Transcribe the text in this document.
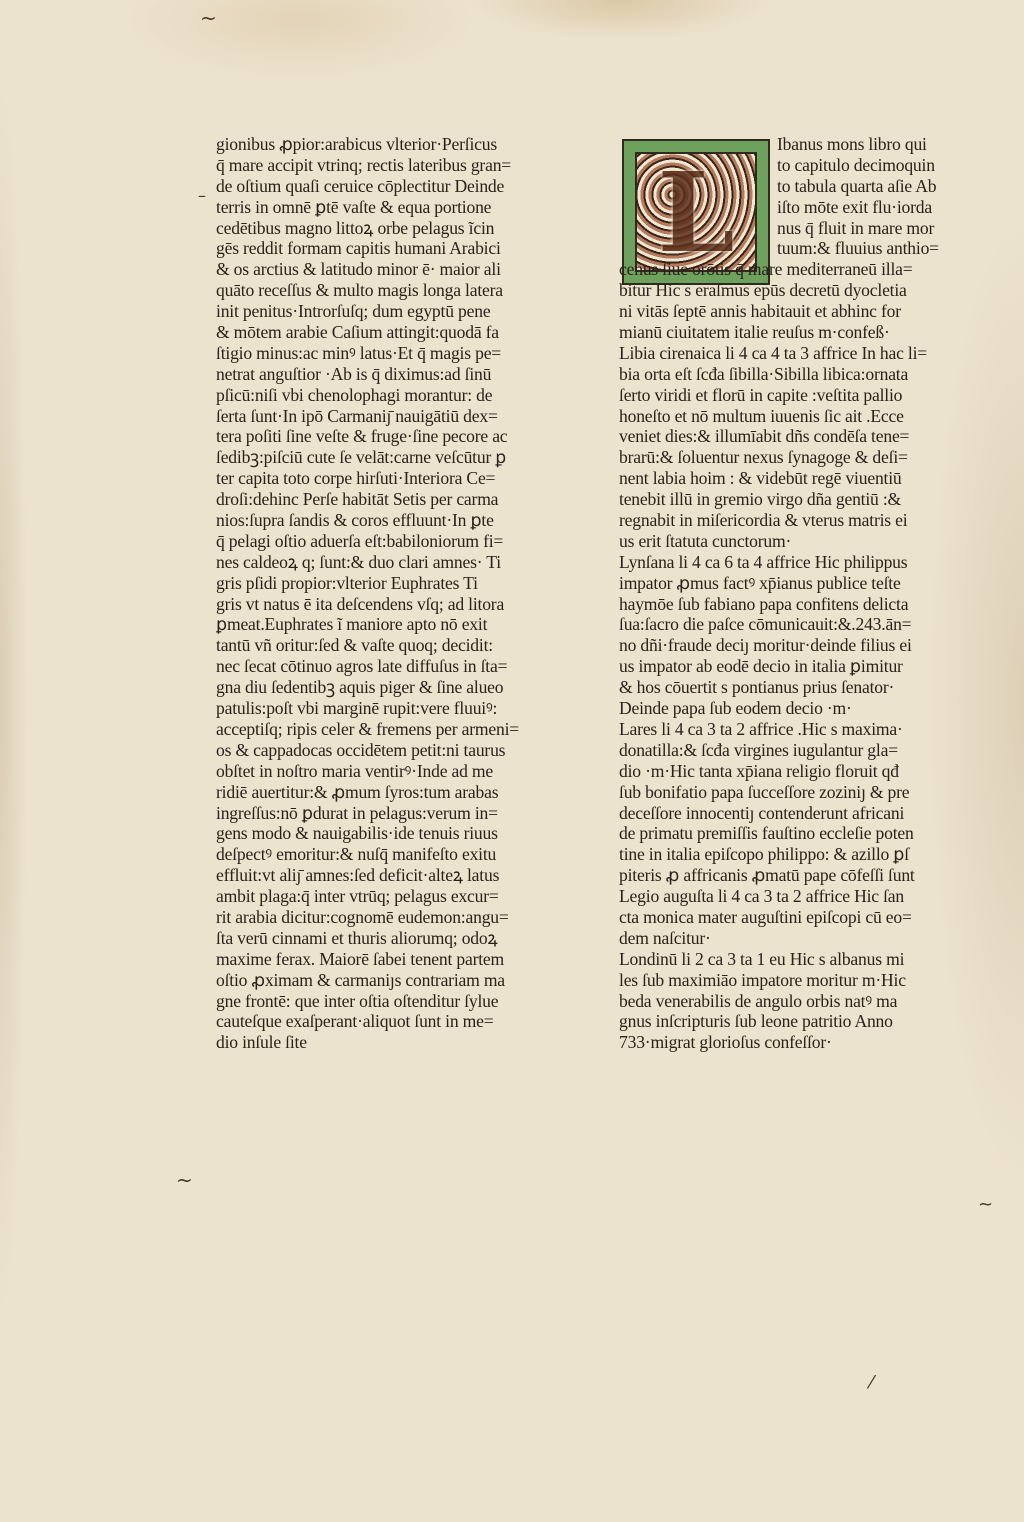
gionibus ꝓpior:arabicus vlterior·Perſicus
q̄ mare accipit vtrinq; rectis lateribus gran=
de oſtium quaſi ceruice cōplectitur Deinde
terris in omnē ꝑtē vaſte & equa portione
cedētibus magno littoꝝ orbe pelagus ĩcin
gēs reddit formam capitis humani Arabici
& os arctius & latitudo minor ē· maior ali
quāto receſſus & multo magis longa latera
init penitus·Introrſuſq; dum egyptū pene
& mōtem arabie Caſium attingit:quodā fa
ſtigio minus:ac minꝰ latus·Et q̄ magis pe=
netrat anguſtior ·Ab is q̄ diximus:ad ſinū
pſicū:niſi vbi chenolophagi morantur: de
ſerta ſunt·In ipō Carmaniȷ̄ nauigātiū dex=
tera poſiti ſine veſte & fruge·ſine pecore ac
ſedibꝫ:piſciū cute ſe velāt:carne veſcūtur ꝑ
ter capita toto corpe hirſuti·Interiora Ce=
droſi:dehinc Perſe habitāt Setis per carma
nios:ſupra ſandis & coros effluunt·In ꝑte
q̄ pelagi oſtio aduerſa eſt:babiloniorum fi=
nes caldeoꝝ q; ſunt:& duo clari amnes· Ti
gris pſidi propior:vlterior Euphrates Ti
gris vt natus ē ita deſcendens vſq; ad litora
ꝑmeat.Euphrates ĩ maniore apto nō exit
tantū vñ oritur:ſed & vaſte quoq; decidit:
nec ſecat cōtinuo agros late diffuſus in ſta=
gna diu ſedentibꝫ aquis piger & ſine alueo
patulis:poſt vbi marginē rupit:vere fluuiꝰ:
acceptiſq; ripis celer & fremens per armeni=
os & cappadocas occidētem petit:ni taurus
obſtet in noſtro maria ventirꝰ·Inde ad me
ridiē auertitur:& ꝓmum ſyros:tum arabas
ingreſſus:nō ꝑdurat in pelagus:verum in=
gens modo & nauigabilis·ide tenuis riuus
deſpectꝰ emoritur:& nuſq̄ manifeſto exitu
effluit:vt aliȷ̄ amnes:ſed deficit·alteꝝ latus
ambit plaga:q̄ inter vtrūq; pelagus excur=
rit arabia dicitur:cognomē eudemon:angu=
ſta verū cinnami et thuris aliorumq; odoꝝ
maxime ferax. Maiorē ſabei tenent partem
oſtio ꝓximam & carmaniȷs contrariam ma
gne frontē: que inter oſtia oſtenditur ſylue
cauteſque exaſperant·aliquot ſunt in me=
dio inſule ſite
L
Ibanus mons libro qui
to capitulo decimoquin
to tabula quarta aſie Ab
iſto mōte exit flu·iorda
nus q̄ fluit in mare mor
tuum:& fluuius anthio=
cenus ſiue orōtis q̄ mare mediterraneū illa=
bitur Hic s eraſmus epūs decretū dyocletia
ni vitās ſeptē annis habitauit et abhinc for
mianū ciuitatem italie reuſus m·confeß·
Libia cirenaica li 4 ca 4 ta 3 affrice In hac li=
bia orta eſt ſcđa ſibilla·Sibilla libica:ornata
ſerto viridi et florū in capite :veſtita pallio
honeſto et nō multum iuuenis ſic ait .Ecce
veniet dies:& illumīabit dñs condēſa tene=
brarū:& ſoluentur nexus ſynagoge & deſi=
nent labia hoim : & videbūt regē viuentiū
tenebit illū in gremio virgo dña gentiū :&
regnabit in miſericordia & vterus matris ei
us erit ſtatuta cunctorum·
Lynſana li 4 ca 6 ta 4 affrice Hic philippus
impator ꝓmus factꝰ xp̄ianus publice teſte
haymōe ſub fabiano papa confitens delicta
ſua:ſacro die paſce cōmunicauit:&.243.ān=
no dñi·fraude deciȷ moritur·deinde filius ei
us impator ab eodē decio in italia ꝑimitur
& hos cōuertit s pontianus prius ſenator·
Deinde papa ſub eodem decio ·m·
Lares li 4 ca 3 ta 2 affrice .Hic s maxima·
donatilla:& ſcđa virgines iugulantur gla=
dio ·m·Hic tanta xp̄iana religio floruit qđ
ſub bonifatio papa ſucceſſore zoziniȷ & pre
deceſſore innocentiȷ contenderunt africani
de primatu premiſſis fauſtino eccleſie poten
tine in italia epiſcopo philippo: & azillo ꝑſ
piteris ꝓ affricanis ꝓmatū pape cōfeſſi ſunt
Legio auguſta li 4 ca 3 ta 2 affrice Hic ſan
cta monica mater auguſtini epiſcopi cū eo=
dem naſcitur·
Londinū li 2 ca 3 ta 1 eu Hic s albanus mi
les ſub maximiāo impatore moritur m·Hic
beda venerabilis de angulo orbis natꝰ ma
gnus inſcripturis ſub leone patritio Anno
733·migrat glorioſus confeſſor·
~
–
~
~
⁄
